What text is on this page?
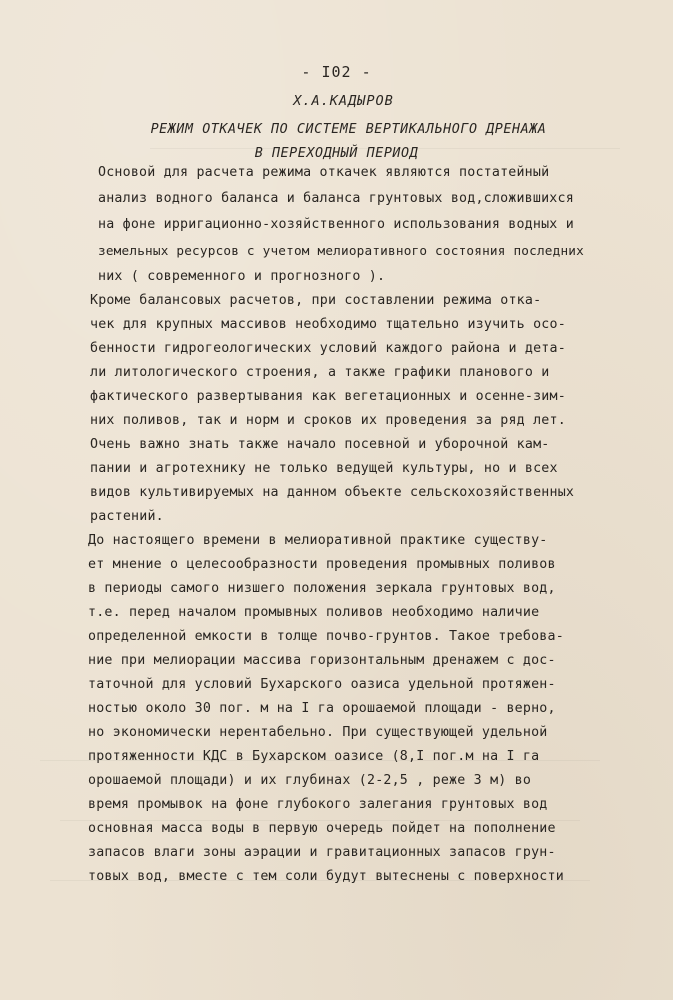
- I02 -
Х.А.КАДЫРОВ
РЕЖИМ ОТКАЧЕК ПО СИСТЕМЕ ВЕРТИКАЛЬНОГО ДРЕНАЖА
В ПЕРЕХОДНЫЙ ПЕРИОД
Основой для расчета режима откачек являются постатейный
анализ водного баланса и баланса грунтовых вод,сложившихся
на фоне ирригационно-хозяйственного использования водных и
земельных ресурсов с учетом мелиоративного состояния последних
них ( современного и прогнозного ).
Кроме балансовых расчетов, при составлении режима отка-
чек для крупных массивов необходимо тщательно изучить осо-
бенности гидрогеологических условий каждого района и дета-
ли литологического строения, а также графики планового и
фактического развертывания как вегетационных и осенне-зим-
них поливов, так и норм и сроков их проведения за ряд лет.
Очень важно знать также начало посевной и уборочной кам-
пании и агротехнику не только ведущей культуры, но и всех
видов культивируемых на данном объекте сельскохозяйственных
растений.
До настоящего времени в мелиоративной практике существу-
ет мнение о целесообразности проведения промывных поливов
в периоды самого низшего положения зеркала грунтовых вод,
т.е. перед началом промывных поливов необходимо наличие
определенной емкости в толще почво-грунтов. Такое требова-
ние при мелиорации массива горизонтальным дренажем с дос-
таточной для условий Бухарского оазиса удельной протяжен-
ностью около 30 пог. м на I га орошаемой площади - верно,
но экономически нерентабельно. При существующей удельной
протяженности КДС в Бухарском оазисе (8,I пог.м на I га
орошаемой площади) и их глубинах (2-2,5 , реже 3 м) во
время промывок на фоне глубокого залегания грунтовых вод
основная масса воды в первую очередь пойдет на пополнение
запасов влаги зоны аэрации и гравитационных запасов грун-
товых вод, вместе с тем соли будут вытеснены с поверхности
